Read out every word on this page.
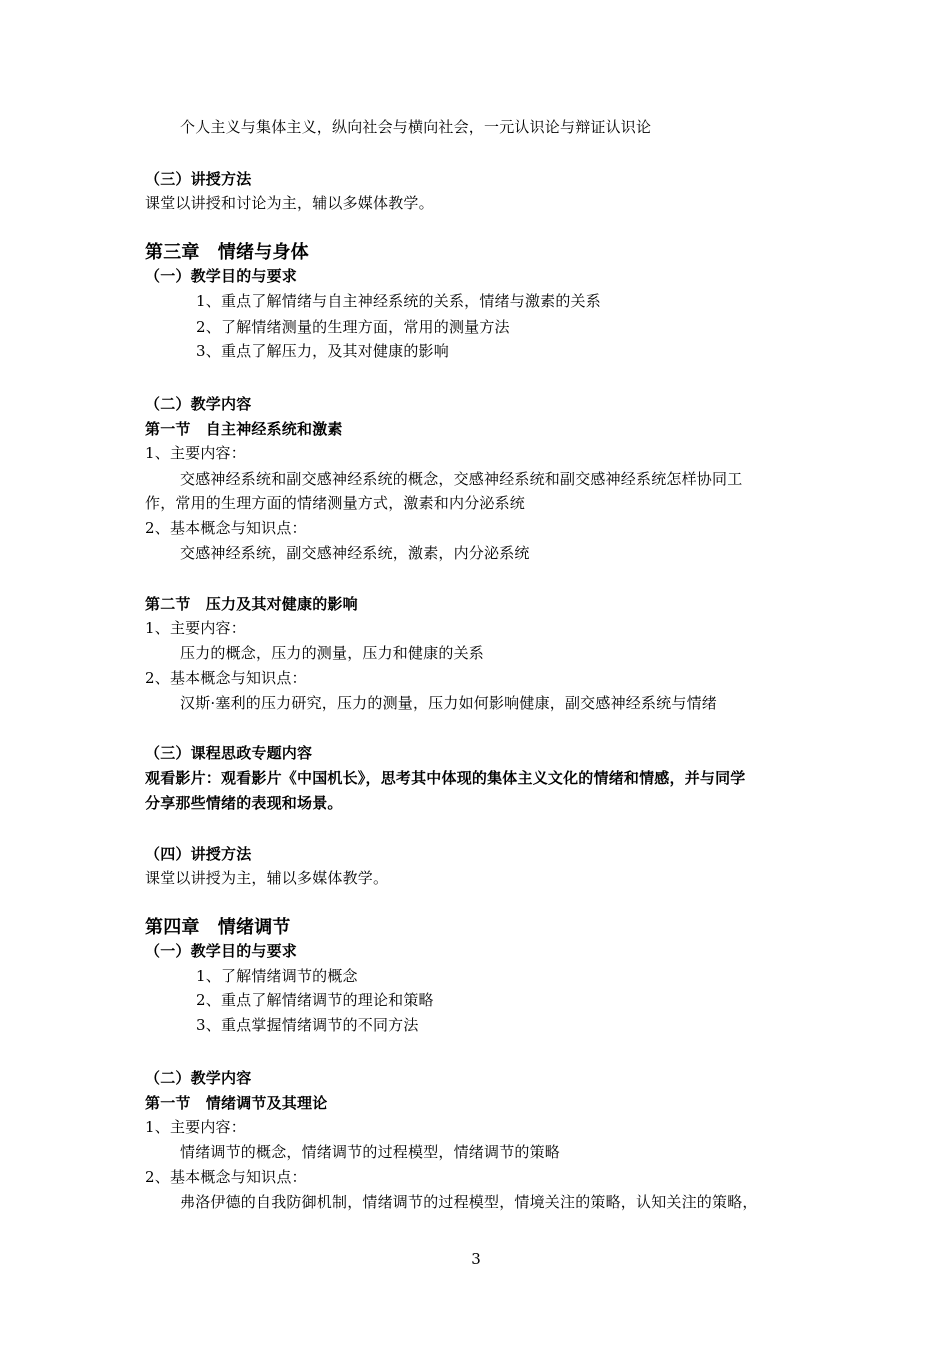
个人主义与集体主义，纵向社会与横向社会，一元认识论与辩证认识论
（三）讲授方法
课堂以讲授和讨论为主，辅以多媒体教学。
第三章　情绪与身体
（一）教学目的与要求
1、重点了解情绪与自主神经系统的关系，情绪与激素的关系
2、了解情绪测量的生理方面，常用的测量方法
3、重点了解压力，及其对健康的影响
（二）教学内容
第一节　自主神经系统和激素
1、主要内容：
交感神经系统和副交感神经系统的概念，交感神经系统和副交感神经系统怎样协同工
作，常用的生理方面的情绪测量方式，激素和内分泌系统
2、基本概念与知识点：
交感神经系统，副交感神经系统，激素，内分泌系统
第二节　压力及其对健康的影响
1、主要内容：
压力的概念，压力的测量，压力和健康的关系
2、基本概念与知识点：
汉斯·塞利的压力研究，压力的测量，压力如何影响健康，副交感神经系统与情绪
（三）课程思政专题内容
观看影片：观看影片《中国机长》，思考其中体现的集体主义文化的情绪和情感，并与同学
分享那些情绪的表现和场景。
（四）讲授方法
课堂以讲授为主，辅以多媒体教学。
第四章　情绪调节
（一）教学目的与要求
1、了解情绪调节的概念
2、重点了解情绪调节的理论和策略
3、重点掌握情绪调节的不同方法
（二）教学内容
第一节　情绪调节及其理论
1、主要内容：
情绪调节的概念，情绪调节的过程模型，情绪调节的策略
2、基本概念与知识点：
弗洛伊德的自我防御机制，情绪调节的过程模型，情境关注的策略，认知关注的策略，
3
